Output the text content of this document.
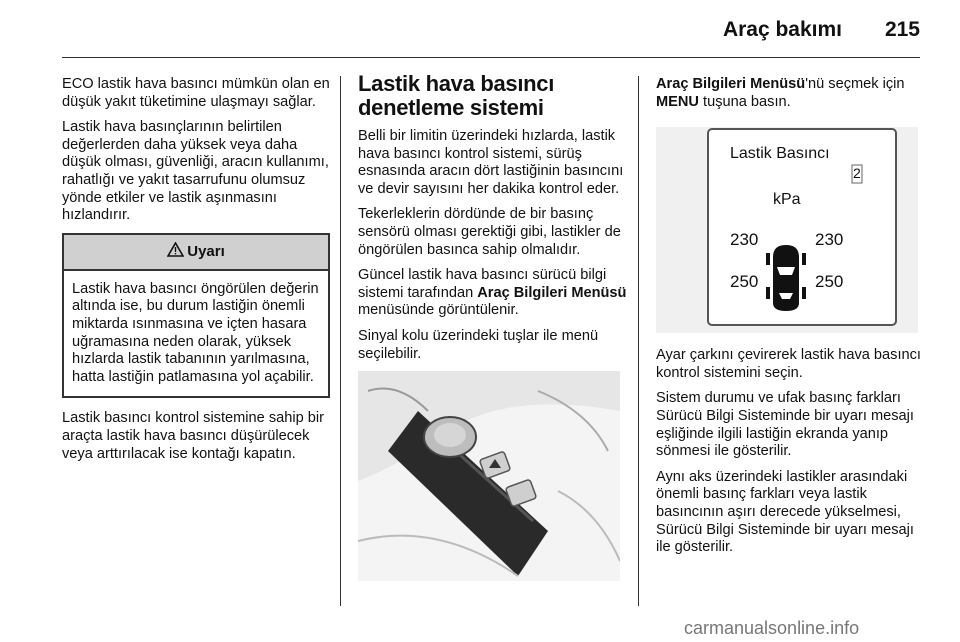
Araç bakımı 215

ECO lastik hava basıncı mümkün olan en düşük yakıt tüketimine ulaşmayı sağlar.

Lastik hava basınçlarının belirtilen değerlerden daha yüksek veya daha düşük olması, güvenliği, aracın kullanımı, rahatlığı ve yakıt tasarrufunu olumsuz yönde etkiler ve lastik aşınmasını hızlandırır.

Uyarı
Lastik hava basıncı öngörülen değerin altında ise, bu durum lastiğin önemli miktarda ısınmasına ve içten hasara uğramasına neden olarak, yüksek hızlarda lastik tabanının yarılmasına, hatta lastiğin patlamasına yol açabilir.

Lastik basıncı kontrol sistemine sahip bir araçta lastik hava basıncı düşürülecek veya arttırılacak ise kontağı kapatın.

Lastik hava basıncı denetleme sistemi

Belli bir limitin üzerindeki hızlarda, lastik hava basıncı kontrol sistemi, sürüş esnasında aracın dört lastiğinin basıncını ve devir sayısını her dakika kontrol eder.

Tekerleklerin dördünde de bir basınç sensörü olması gerektiği gibi, lastikler de öngörülen basınca sahip olmalıdır.

Güncel lastik hava basıncı sürücü bilgi sistemi tarafından Araç Bilgileri Menüsü menüsünde görüntülenir.

Sinyal kolu üzerindeki tuşlar ile menü seçilebilir.

Araç Bilgileri Menüsü'nü seçmek için MENU tuşuna basın.

Lastik Basıncı
2
kPa
230	230
250	250

Ayar çarkını çevirerek lastik hava basıncı kontrol sistemini seçin.

Sistem durumu ve ufak basınç farkları Sürücü Bilgi Sisteminde bir uyarı mesajı eşliğinde ilgili lastiğin ekranda yanıp sönmesi ile gösterilir.

Aynı aks üzerindeki lastikler arasındaki önemli basınç farkları veya lastik basıncının aşırı derecede yükselmesi, Sürücü Bilgi Sisteminde bir uyarı mesajı ile gösterilir.

carmanualsonline.info
